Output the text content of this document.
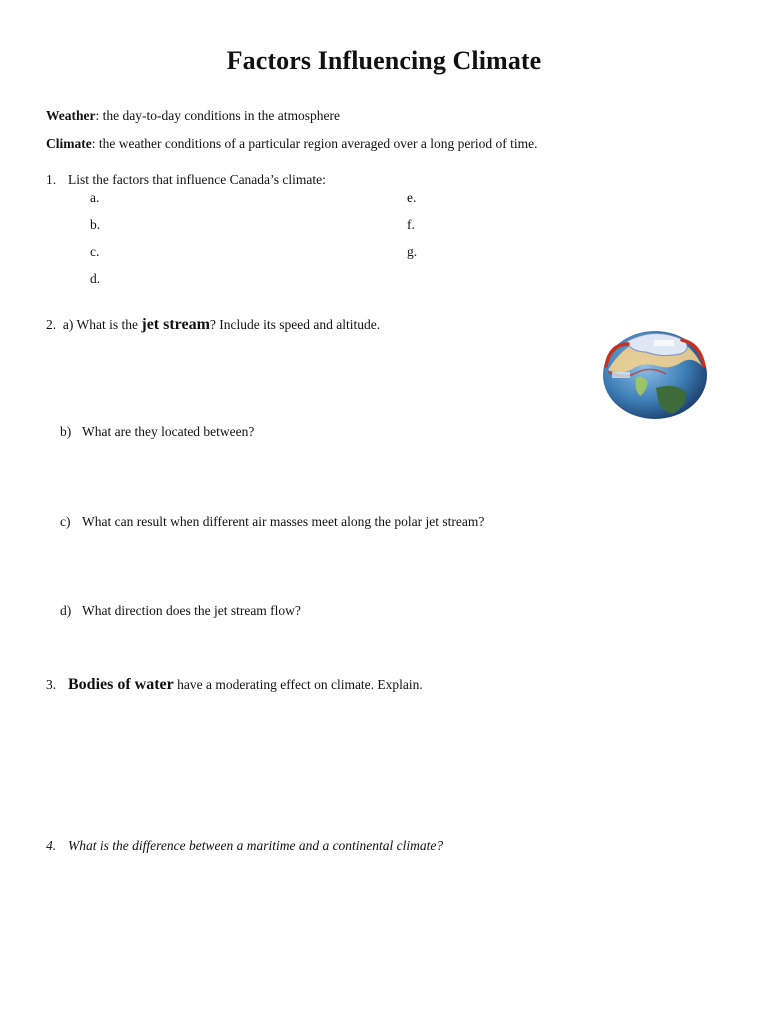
Factors Influencing Climate
Weather: the day-to-day conditions in the atmosphere
Climate: the weather conditions of a particular region averaged over a long period of time.
1. List the factors that influence Canada’s climate:
a.
b.
c.
d.
e.
f.
g.
2. a) What is the jet stream? Include its speed and altitude.
b) What are they located between?
c) What can result when different air masses meet along the polar jet stream?
d) What direction does the jet stream flow?
3. Bodies of water have a moderating effect on climate. Explain.
4. What is the difference between a maritime and a continental climate?
